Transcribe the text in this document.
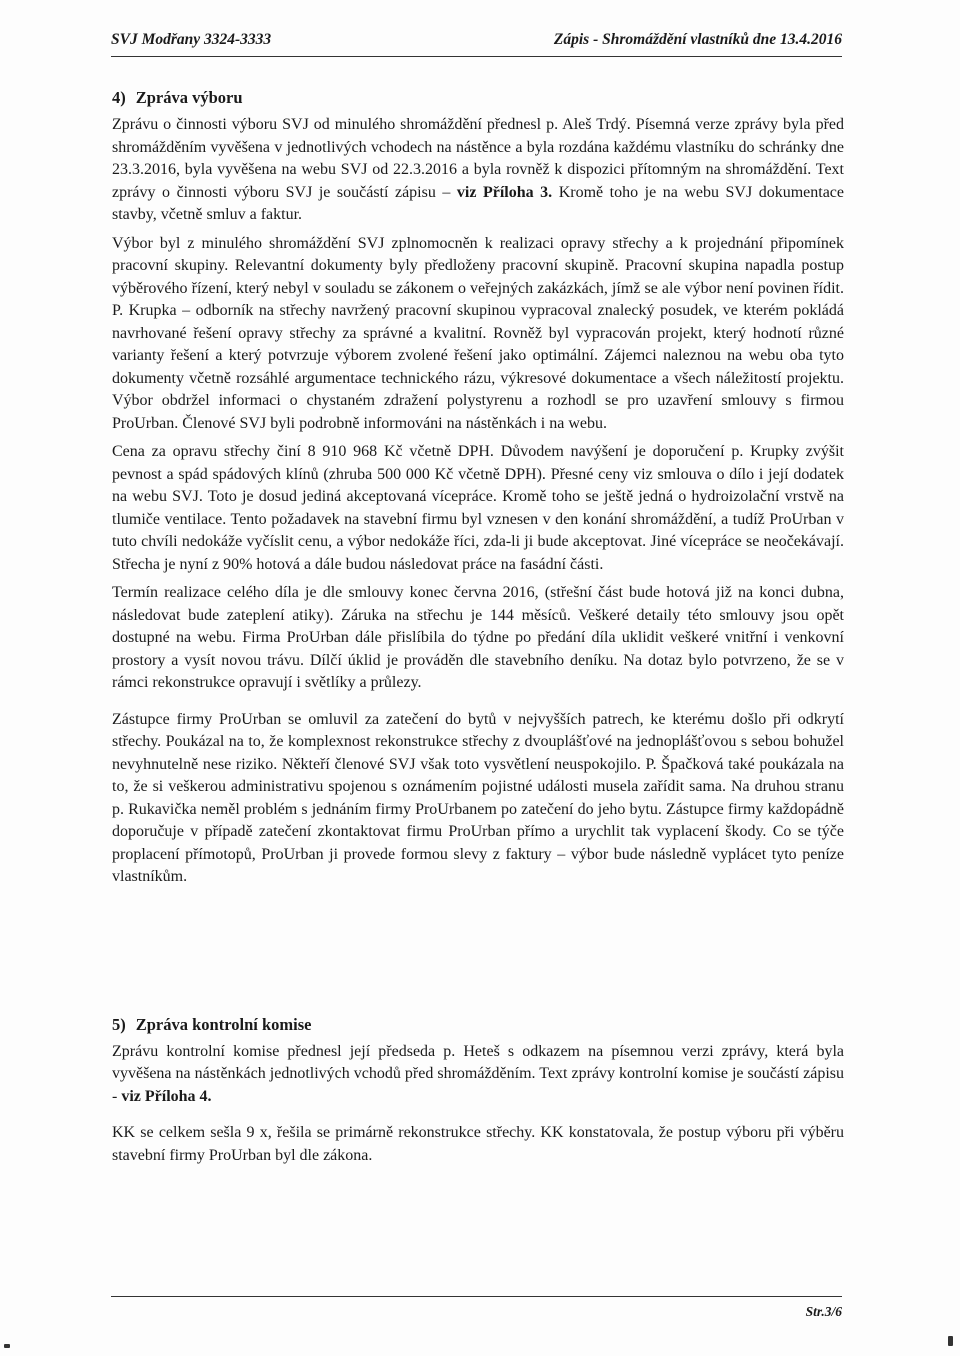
SVJ Modřany 3324-3333	Zápis - Shromáždění vlastníků dne 13.4.2016
4) Zpráva výboru

Zprávu o činnosti výboru SVJ od minulého shromáždění přednesl p. Aleš Trdý. Písemná verze zprávy byla před shromážděním vyvěšena v jednotlivých vchodech na nástěnce a byla rozdána každému vlastníku do schránky dne 23.3.2016, byla vyvěšena na webu SVJ od 22.3.2016 a byla rovněž k dispozici přítomným na shromáždění. Text zprávy o činnosti výboru SVJ je součástí zápisu – viz Příloha 3. Kromě toho je na webu SVJ dokumentace stavby, včetně smluv a faktur.

Výbor byl z minulého shromáždění SVJ zplnomocněn k realizaci opravy střechy a k projednání připomínek pracovní skupiny. Relevantní dokumenty byly předloženy pracovní skupině. Pracovní skupina napadla postup výběrového řízení, který nebyl v souladu se zákonem o veřejných zakázkách, jímž se ale výbor není povinen řídit. P. Krupka – odborník na střechy navržený pracovní skupinou vypracoval znalecký posudek, ve kterém pokládá navrhované řešení opravy střechy za správné a kvalitní. Rovněž byl vypracován projekt, který hodnotí různé varianty řešení a který potvrzuje výborem zvolené řešení jako optimální. Zájemci naleznou na webu oba tyto dokumenty včetně rozsáhlé argumentace technického rázu, výkresové dokumentace a všech náležitostí projektu. Výbor obdržel informaci o chystaném zdražení polystyrenu a rozhodl se pro uzavření smlouvy s firmou ProUrban. Členové SVJ byli podrobně informováni na nástěnkách i na webu.

Cena za opravu střechy činí 8 910 968 Kč včetně DPH. Důvodem navýšení je doporučení p. Krupky zvýšit pevnost a spád spádových klínů (zhruba 500 000 Kč včetně DPH). Přesné ceny viz smlouva o dílo i její dodatek na webu SVJ. Toto je dosud jediná akceptovaná vícepráce. Kromě toho se ještě jedná o hydroizolační vrstvě na tlumiče ventilace. Tento požadavek na stavební firmu byl vznesen v den konání shromáždění, a tudíž ProUrban v tuto chvíli nedokáže vyčíslit cenu, a výbor nedokáže říci, zda-li ji bude akceptovat. Jiné vícepráce se neočekávají. Střecha je nyní z 90% hotová a dále budou následovat práce na fasádní části.

Termín realizace celého díla je dle smlouvy konec června 2016, (střešní část bude hotová již na konci dubna, následovat bude zateplení atiky). Záruka na střechu je 144 měsíců. Veškeré detaily této smlouvy jsou opět dostupné na webu. Firma ProUrban dále přislíbila do týdne po předání díla uklidit veškeré vnitřní i venkovní prostory a vysít novou trávu. Dílčí úklid je prováděn dle stavebního deníku. Na dotaz bylo potvrzeno, že se v rámci rekonstrukce opravují i světlíky a průlezy.

Zástupce firmy ProUrban se omluvil za zatečení do bytů v nejvyšších patrech, ke kterému došlo při odkrytí střechy. Poukázal na to, že komplexnost rekonstrukce střechy z dvouplášťové na jednoplášťovou s sebou bohužel nevyhnutelně nese riziko. Někteří členové SVJ však toto vysvětlení neuspokojilo. P. Špačková také poukázala na to, že si veškerou administrativu spojenou s oznámením pojistné události musela zařídit sama. Na druhou stranu p. Rukavička neměl problém s jednáním firmy ProUrbanem po zatečení do jeho bytu. Zástupce firmy každopádně doporučuje v případě zatečení zkontaktovat firmu ProUrban přímo a urychlit tak vyplacení škody. Co se týče proplacení přímotopů, ProUrban ji provede formou slevy z faktury – výbor bude následně vyplácet tyto peníze vlastníkům.

5) Zpráva kontrolní komise

Zprávu kontrolní komise přednesl její předseda p. Heteš s odkazem na písemnou verzi zprávy, která byla vyvěšena na nástěnkách jednotlivých vchodů před shromážděním. Text zprávy kontrolní komise je součástí zápisu - viz Příloha 4.

KK se celkem sešla 9 x, řešila se primárně rekonstrukce střechy. KK konstatovala, že postup výboru při výběru stavební firmy ProUrban byl dle zákona.

Str.3/6
